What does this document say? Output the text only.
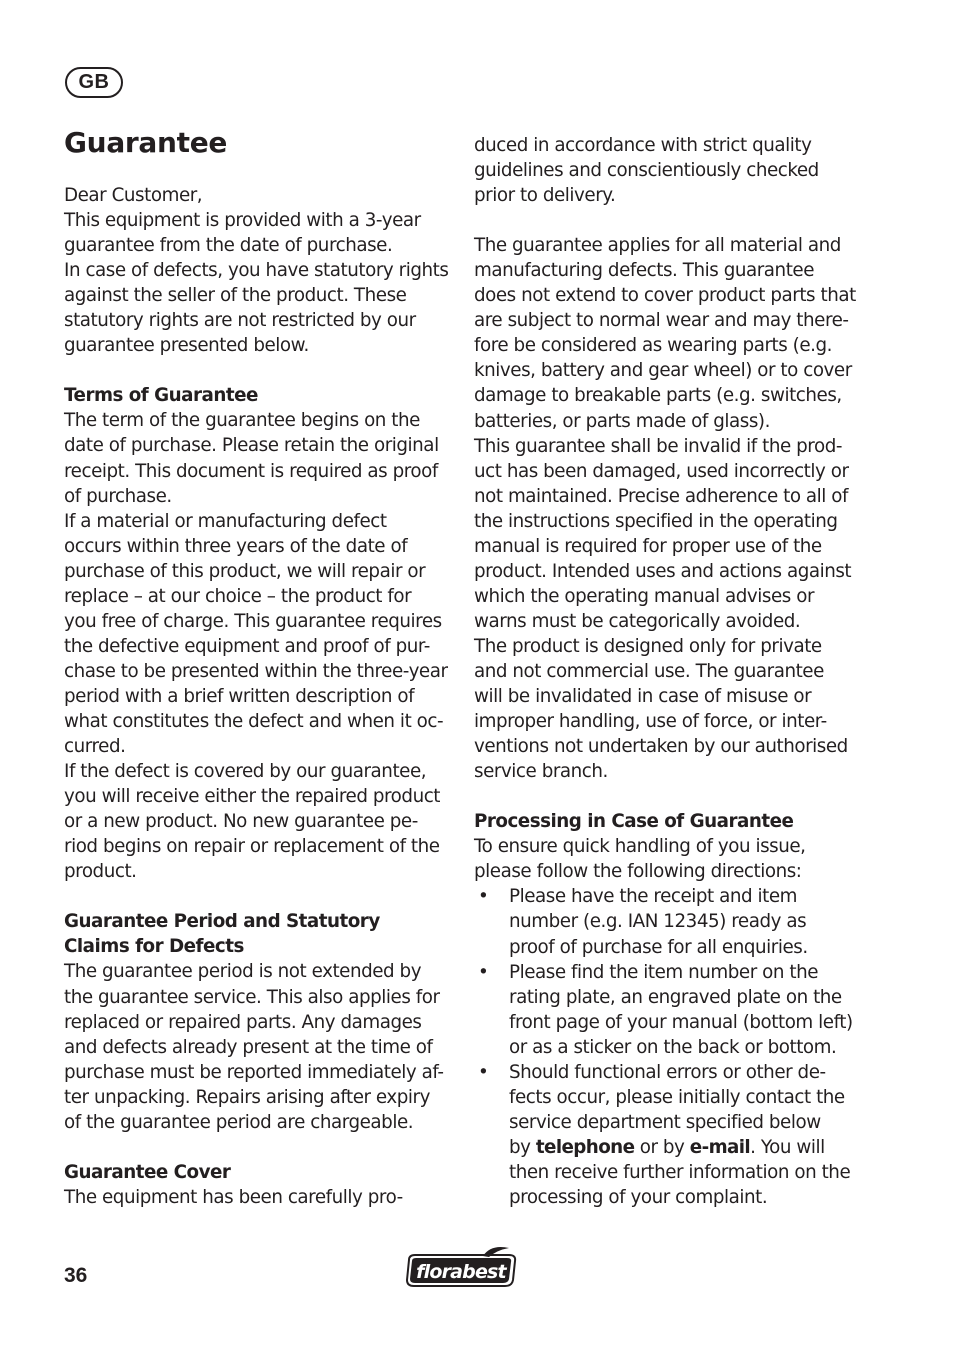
GB
Guarantee
Dear Customer,
This equipment is provided with a 3-year
guarantee from the date of purchase.
In case of defects, you have statutory rights
against the seller of the product. These
statutory rights are not restricted by our
guarantee presented below.
Terms of Guarantee
The term of the guarantee begins on the
date of purchase. Please retain the original
receipt. This document is required as proof
of purchase.
If a material or manufacturing defect
occurs within three years of the date of
purchase of this product, we will repair or
replace – at our choice – the product for
you free of charge. This guarantee requires
the defective equipment and proof of pur-
chase to be presented within the three-year
period with a brief written description of
what constitutes the defect and when it oc-
curred.
If the defect is covered by our guarantee,
you will receive either the repaired product
or a new product. No new guarantee pe-
riod begins on repair or replacement of the
product.
Guarantee Period and Statutory
Claims for Defects
The guarantee period is not extended by
the guarantee service. This also applies for
replaced or repaired parts. Any damages
and defects already present at the time of
purchase must be reported immediately af-
ter unpacking. Repairs arising after expiry
of the guarantee period are chargeable.
Guarantee Cover
The equipment has been carefully pro-
duced in accordance with strict quality
guidelines and conscientiously checked
prior to delivery.
The guarantee applies for all material and
manufacturing defects. This guarantee
does not extend to cover product parts that
are subject to normal wear and may there-
fore be considered as wearing parts (e.g.
knives, battery and gear wheel) or to cover
damage to breakable parts (e.g. switches,
batteries, or parts made of glass).
This guarantee shall be invalid if the prod-
uct has been damaged, used incorrectly or
not maintained. Precise adherence to all of
the instructions specified in the operating
manual is required for proper use of the
product. Intended uses and actions against
which the operating manual advises or
warns must be categorically avoided.
The product is designed only for private
and not commercial use. The guarantee
will be invalidated in case of misuse or
improper handling, use of force, or inter-
ventions not undertaken by our authorised
service branch.
Processing in Case of Guarantee
To ensure quick handling of you issue,
please follow the following directions:
• Please have the receipt and item
number (e.g. IAN 12345) ready as
proof of purchase for all enquiries.
• Please find the item number on the
rating plate, an engraved plate on the
front page of your manual (bottom left)
or as a sticker on the back or bottom.
• Should functional errors or other de-
fects occur, please initially contact the
service department specified below
by telephone or by e-mail. You will
then receive further information on the
processing of your complaint.
36	florabest
